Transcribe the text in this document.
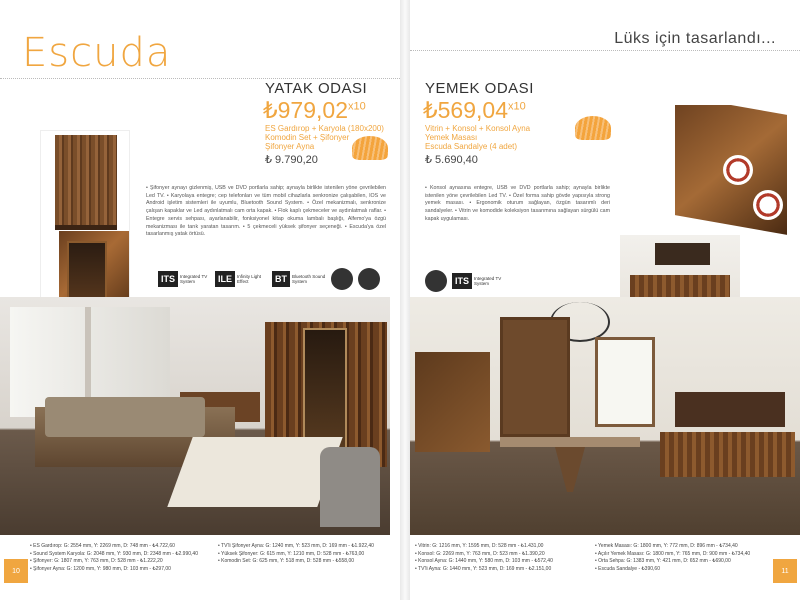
Escuda
YATAK ODASI
$₺979,02^{x10}$
ES Gardırop + Karyola (180x200)
Komodin Set + Şifonyer
Şifonyer Ayna
₺ 9.790,20
• Şifonyer aynayı gizlenmiş, USB ve DVD portlarla sahip; aynayla birlikte istenilen yöne çevrilebilen Led TV. • Karyolaya entegre; cep telefonları ve tüm mobil cihazlarla senkronize çalışabilen, IOS ve Android işletim sistemleri ile uyumlu, Bluetooth Sound System. • Özel mekanizmalı, senkronize çalışan kapaklar ve Led aydınlatmalı cam orta kapak. • Flok kaplı çekmeceler ve aydınlatmalı raflar. • Entegre servis sehpası, ayarlanabilir, fonksiyonel kitap okuma lambalı başlığı, Alfemo'ya özgü mekanizması ile tarık yaratan tasarım. • 5 çekmeceli yüksek şifonyer seçeneği. • Escuda'ya özel tasarlanmış yatak örtüsü.
ITS	Integrated TV System	ILE	Infinity Light Effect	BT	Bluetooth Sound System
• ES Gardırop: G: 2554 mm, Y: 2269 mm, D: 748 mm - ₺4.722,60
• Sound System Karyola: G: 2048 mm, Y: 930 mm, D: 2348 mm - ₺2.990,40
• Şifonyer: G: 1807 mm, Y: 763 mm, D: 528 mm - ₺1.222,20
• Şifonyer Ayna: G: 1200 mm, Y: 980 mm, D: 103 mm - ₺297,00
• TV'li Şifonyer Ayna: G: 1240 mm, Y: 523 mm, D: 169 mm - ₺1.922,40
• Yüksek Şifonyer: G: 615 mm, Y: 1210 mm, D: 528 mm - ₺763,00
• Komodin Set: G: 625 mm, Y: 518 mm, D: 528 mm - ₺558,00
10
Lüks için tasarlandı...
YEMEK ODASI
$₺569,04^{x10}$
Vitrin + Konsol + Konsol Ayna
Yemek Masası
Escuda Sandalye (4 adet)
₺ 5.690,40
• Konsol aynasına entegre, USB ve DVD portlarla sahip; aynayla birlikte istenilen yöne çevrilebilen Led TV. • Özel forma sahip gövde yapısıyla strong yemek masası. • Ergonomik oturum sağlayan, özgün tasarımlı deri sandalyeler. • Vitrin ve komodide koleksiyon tasarımına sağlayan sürgülü cam kapak uygulaması.
ITS	Integrated TV System
• Vitrin: G: 1216 mm, Y: 1595 mm, D: 528 mm - ₺1.431,00
• Konsol: G: 2269 mm, Y: 763 mm, D: 523 mm - ₺1.390,20
• Konsol Ayna: G: 1440 mm, Y: 580 mm, D: 103 mm - ₺572,40
• TV'li Ayna: G: 1440 mm, Y: 523 mm, D: 169 mm - ₺2.151,00
• Yemek Masası: G: 1800 mm, Y: 772 mm, D: 896 mm - ₺734,40
• Açılır Yemek Masası: G: 1800 mm, Y: 765 mm, D: 900 mm - ₺734,40
• Orta Sehpa: G: 1383 mm, Y: 421 mm, D: 652 mm - ₺690,00
• Escuda Sandalye - ₺390,60	11
